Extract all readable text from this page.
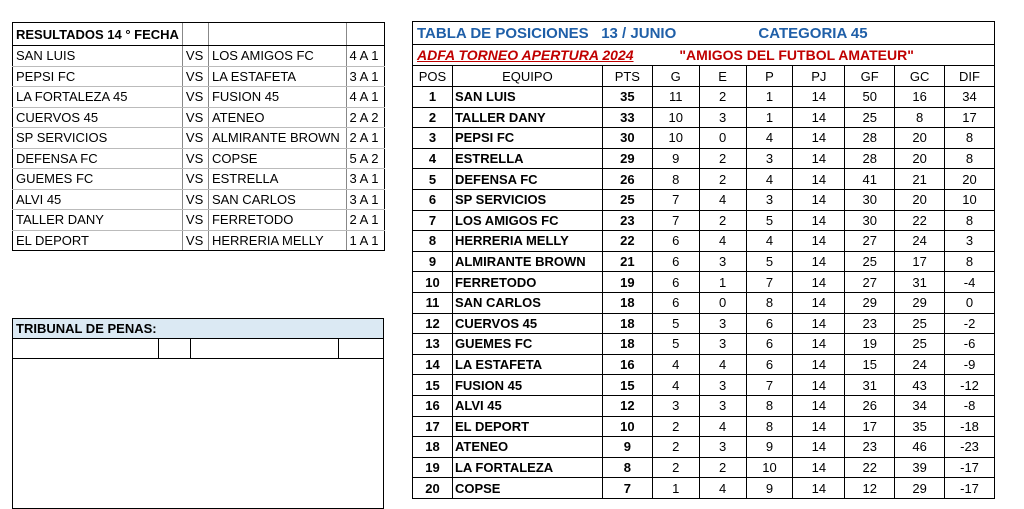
RESULTADOS 14 ° FECHA			
SAN LUIS	VS	LOS AMIGOS FC	4 A 1
PEPSI FC	VS	LA ESTAFETA	3 A 1
LA FORTALEZA 45	VS	FUSION 45	4 A 1
CUERVOS 45	VS	ATENEO	2 A 2
SP SERVICIOS	VS	ALMIRANTE BROWN	2 A 1
DEFENSA FC	VS	COPSE	5 A 2
GUEMES FC	VS	ESTRELLA	3 A 1
ALVI 45	VS	SAN CARLOS	3 A 1
TALLER DANY	VS	FERRETODO	2 A 1
EL DEPORT	VS	HERRERIA MELLY	1 A 1
TRIBUNAL DE PENAS:
TABLA DE POSICIONES 13 / JUNIO CATEGORIA 45									
ADFA TORNEO APERTURA 2024 "AMIGOS DEL FUTBOL AMATEUR"									
POS	EQUIPO	PTS	G	E	P	PJ	GF	GC	DIF
1	SAN LUIS	35	11	2	1	14	50	16	34
2	TALLER DANY	33	10	3	1	14	25	8	17
3	PEPSI FC	30	10	0	4	14	28	20	8
4	ESTRELLA	29	9	2	3	14	28	20	8
5	DEFENSA FC	26	8	2	4	14	41	21	20
6	SP SERVICIOS	25	7	4	3	14	30	20	10
7	LOS AMIGOS FC	23	7	2	5	14	30	22	8
8	HERRERIA MELLY	22	6	4	4	14	27	24	3
9	ALMIRANTE BROWN	21	6	3	5	14	25	17	8
10	FERRETODO	19	6	1	7	14	27	31	-4
11	SAN CARLOS	18	6	0	8	14	29	29	0
12	CUERVOS 45	18	5	3	6	14	23	25	-2
13	GUEMES FC	18	5	3	6	14	19	25	-6
14	LA ESTAFETA	16	4	4	6	14	15	24	-9
15	FUSION 45	15	4	3	7	14	31	43	-12
16	ALVI 45	12	3	3	8	14	26	34	-8
17	EL DEPORT	10	2	4	8	14	17	35	-18
18	ATENEO	9	2	3	9	14	23	46	-23
19	LA FORTALEZA	8	2	2	10	14	22	39	-17
20	COPSE	7	1	4	9	14	12	29	-17
